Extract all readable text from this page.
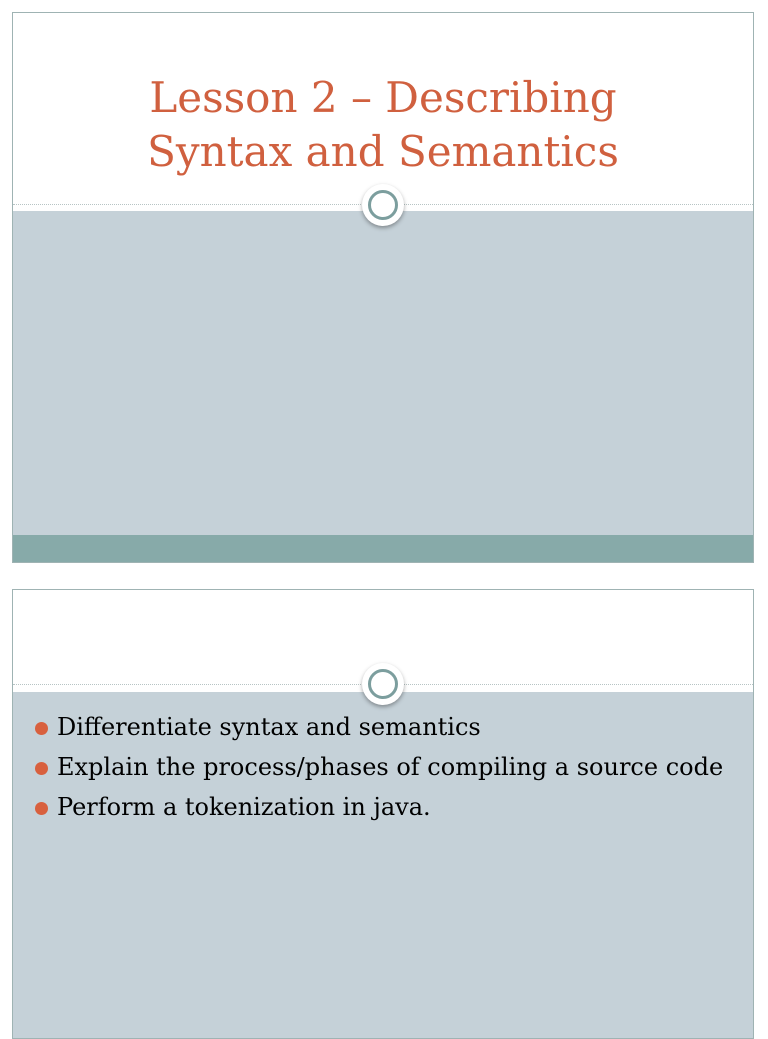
Lesson 2 – Describing
Syntax and Semantics
Differentiate syntax and semantics
Explain the process/phases of compiling a source code
Perform a tokenization in java.
